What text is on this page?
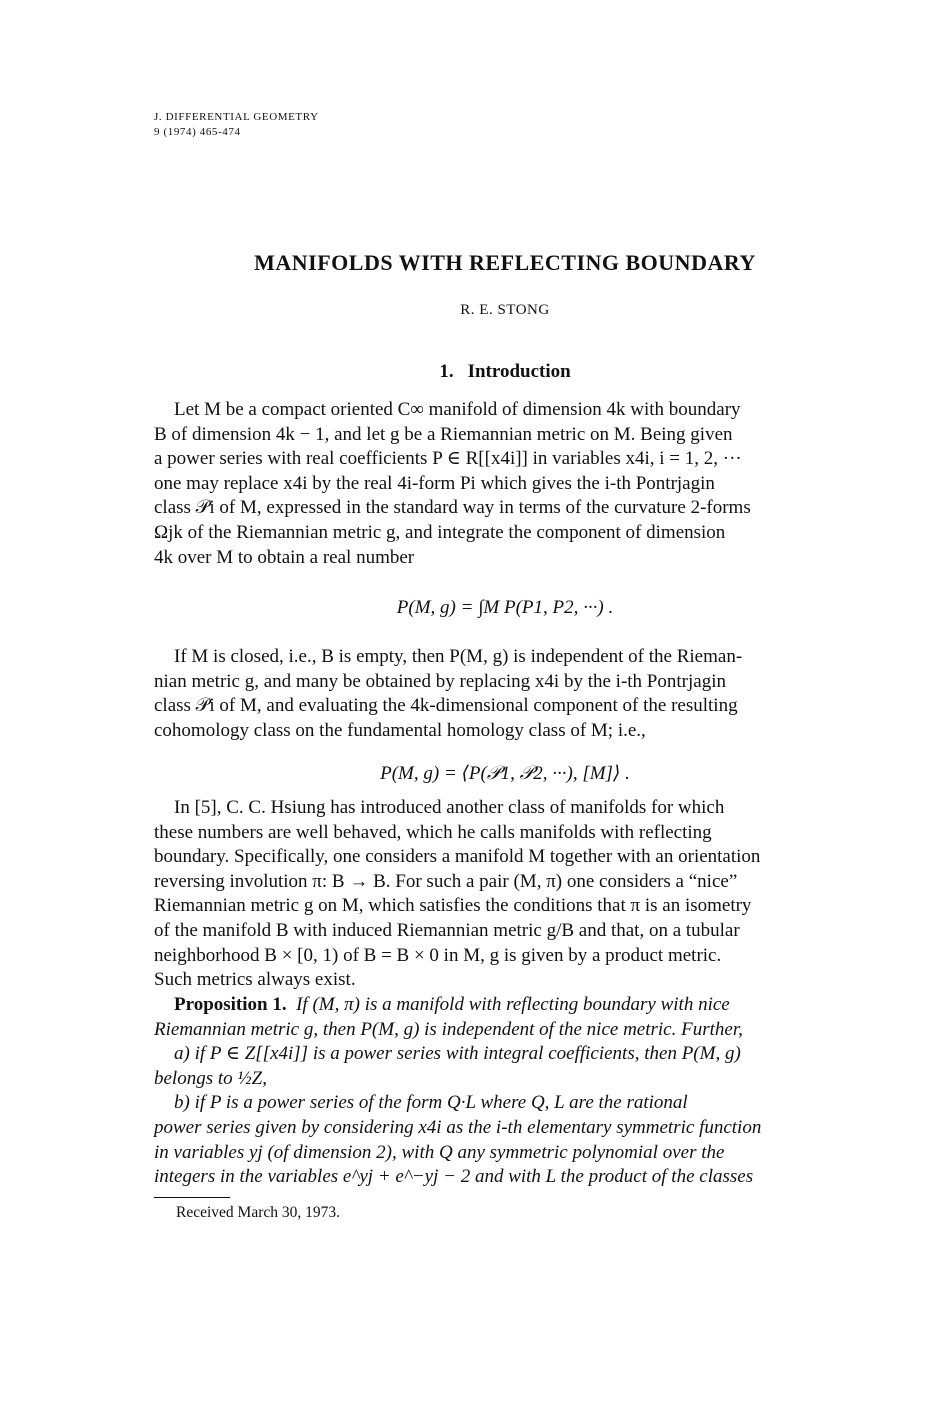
J. DIFFERENTIAL GEOMETRY
9 (1974) 465-474
MANIFOLDS WITH REFLECTING BOUNDARY
R. E. STONG
1. Introduction
Let M be a compact oriented C∞ manifold of dimension 4k with boundary
B of dimension 4k − 1, and let g be a Riemannian metric on M. Being given
a power series with real coefficients P ∈ R[[x4i]] in variables x4i, i = 1, 2, ···
one may replace x4i by the real 4i-form Pi which gives the i-th Pontrjagin
class 𝒫i of M, expressed in the standard way in terms of the curvature 2-forms
Ωjk of the Riemannian metric g, and integrate the component of dimension
4k over M to obtain a real number
P(M, g) = ∫M P(P1, P2, ···) .
If M is closed, i.e., B is empty, then P(M, g) is independent of the Rieman-
nian metric g, and many be obtained by replacing x4i by the i-th Pontrjagin
class 𝒫i of M, and evaluating the 4k-dimensional component of the resulting
cohomology class on the fundamental homology class of M; i.e.,
P(M, g) = ⟨P(𝒫1, 𝒫2, ···), [M]⟩ .
In [5], C. C. Hsiung has introduced another class of manifolds for which
these numbers are well behaved, which he calls manifolds with reflecting
boundary. Specifically, one considers a manifold M together with an orientation
reversing involution π: B → B. For such a pair (M, π) one considers a “nice”
Riemannian metric g on M, which satisfies the conditions that π is an isometry
of the manifold B with induced Riemannian metric g/B and that, on a tubular
neighborhood B × [0, 1) of B = B × 0 in M, g is given by a product metric.
Such metrics always exist.
Proposition 1. If (M, π) is a manifold with reflecting boundary with nice
Riemannian metric g, then P(M, g) is independent of the nice metric. Further,
a) if P ∈ Z[[x4i]] is a power series with integral coefficients, then P(M, g)
belongs to ½Z,
b) if P is a power series of the form Q·L where Q, L are the rational
power series given by considering x4i as the i-th elementary symmetric function
in variables yj (of dimension 2), with Q any symmetric polynomial over the
integers in the variables e^yj + e^−yj − 2 and with L the product of the classes
Received March 30, 1973.
